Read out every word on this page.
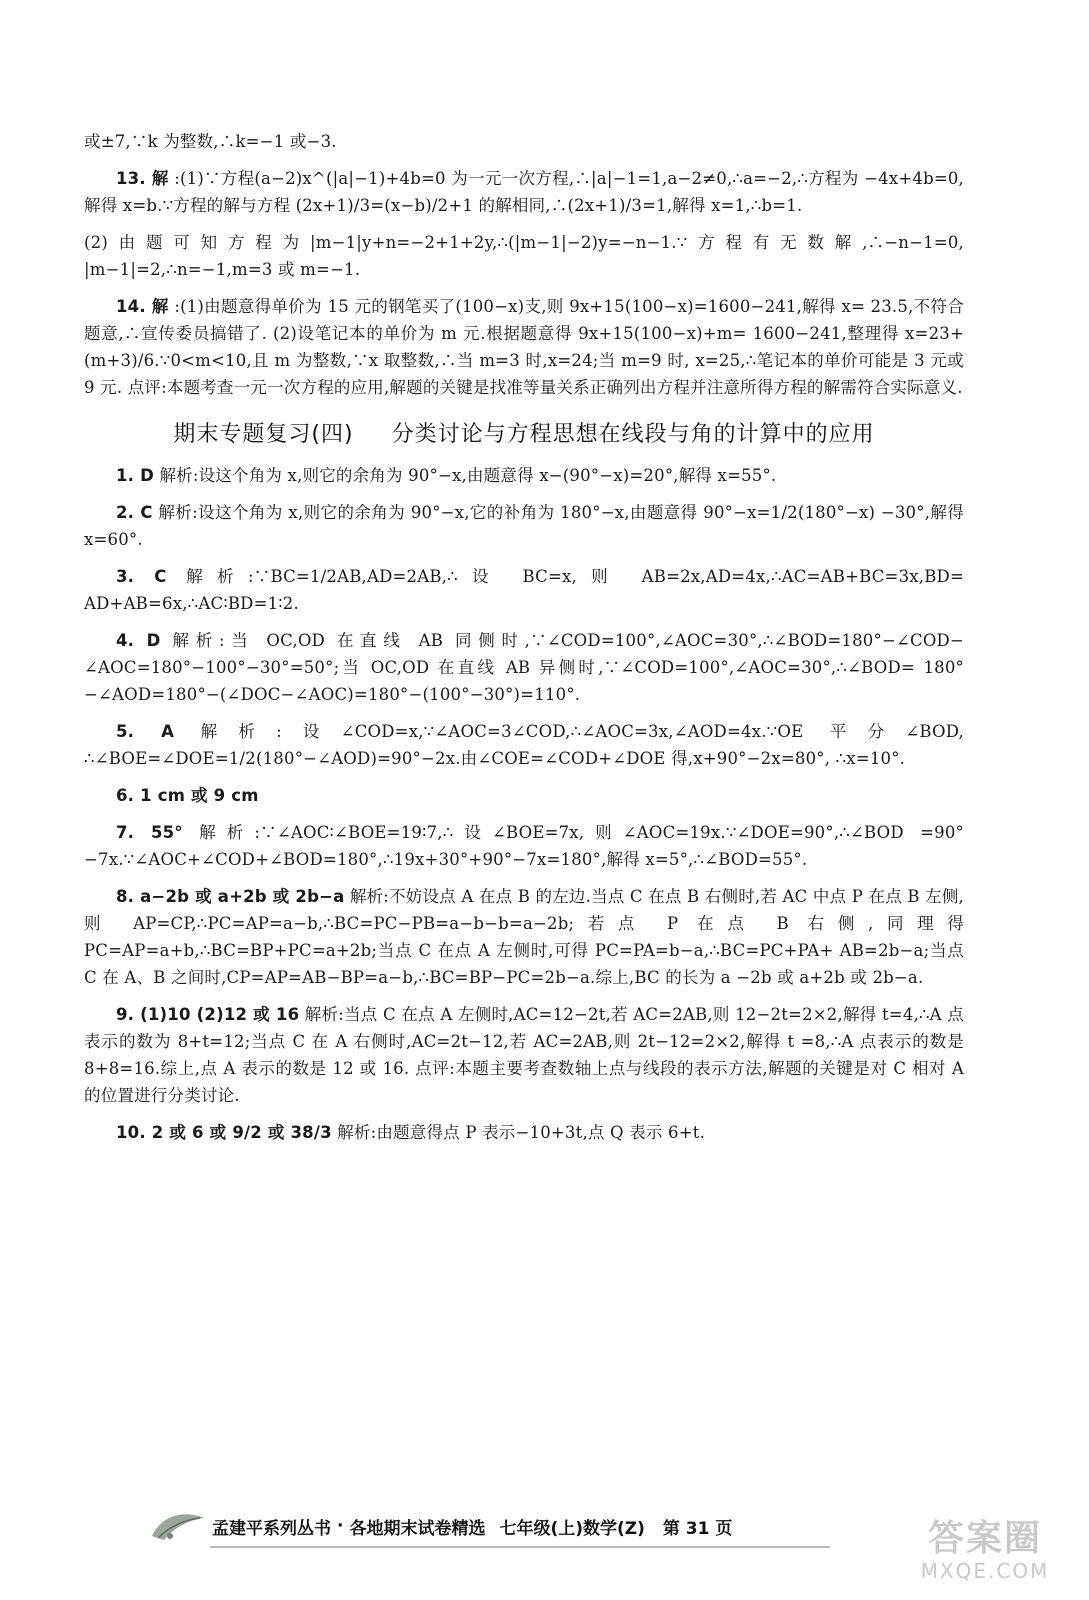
或±7,∵k 为整数,∴k=−1 或−3.

13. 解 :(1)∵方程(a−2)x^(|a|−1)+4b=0 为一元一次方程,∴|a|−1=1,a−2≠0,∴a=−2,∴方程为 −4x+4b=0,解得 x=b.∵方程的解与方程 (2x+1)/3=(x−b)/2+1 的解相同,∴(2x+1)/3=1,解得 x=1,∴b=1.

(2)由题可知方程为|m−1|y+n=−2+1+2y,∴(|m−1|−2)y=−n−1.∵方程有无数解,∴−n−1=0, |m−1|=2,∴n=−1,m=3 或 m=−1.

14. 解 :(1)由题意得单价为 15 元的钢笔买了(100−x)支,则 9x+15(100−x)=1600−241,解得 x= 23.5,不符合题意,∴宣传委员搞错了. (2)设笔记本的单价为 m 元.根据题意得 9x+15(100−x)+m= 1600−241,整理得 x=23+(m+3)/6.∵0<m<10,且 m 为整数,∵x 取整数,∴当 m=3 时,x=24;当 m=9 时, x=25,∴笔记本的单价可能是 3 元或 9 元. 点评:本题考查一元一次方程的应用,解题的关键是找准等量关系正确列出方程并注意所得方程的解需符合实际意义.

期末专题复习(四) 分类讨论与方程思想在线段与角的计算中的应用

1. D 解析:设这个角为 x,则它的余角为 90°−x,由题意得 x−(90°−x)=20°,解得 x=55°.

2. C 解析:设这个角为 x,则它的余角为 90°−x,它的补角为 180°−x,由题意得 90°−x=1/2(180°−x) −30°,解得 x=60°.

3. C 解析:∵BC=1/2AB,AD=2AB,∴设 BC=x,则 AB=2x,AD=4x,∴AC=AB+BC=3x,BD= AD+AB=6x,∴AC∶BD=1∶2.

4. D 解析:当 OC,OD 在直线 AB 同侧时,∵∠COD=100°,∠AOC=30°,∴∠BOD=180°−∠COD− ∠AOC=180°−100°−30°=50°;当 OC,OD 在直线 AB 异侧时,∵∠COD=100°,∠AOC=30°,∴∠BOD= 180°−∠AOD=180°−(∠DOC−∠AOC)=180°−(100°−30°)=110°.

5. A 解析:设∠COD=x,∵∠AOC=3∠COD,∴∠AOC=3x,∠AOD=4x.∵OE 平分∠BOD, ∴∠BOE=∠DOE=1/2(180°−∠AOD)=90°−2x.由∠COE=∠COD+∠DOE 得,x+90°−2x=80°, ∴x=10°.

6. 1 cm 或 9 cm

7. 55° 解析:∵∠AOC∶∠BOE=19∶7,∴设∠BOE=7x,则∠AOC=19x.∵∠DOE=90°,∴∠BOD =90°−7x.∵∠AOC+∠COD+∠BOD=180°,∴19x+30°+90°−7x=180°,解得 x=5°,∴∠BOD=55°.

8. a−2b 或 a+2b 或 2b−a 解析:不妨设点 A 在点 B 的左边.当点 C 在点 B 右侧时,若 AC 中点 P 在点 B 左侧,则 AP=CP,∴PC=AP=a−b,∴BC=PC−PB=a−b−b=a−2b;若点 P 在点 B 右侧,同理得 PC=AP=a+b,∴BC=BP+PC=a+2b;当点 C 在点 A 左侧时,可得 PC=PA=b−a,∴BC=PC+PA+ AB=2b−a;当点 C 在 A、B 之间时,CP=AP=AB−BP=a−b,∴BC=BP−PC=2b−a.综上,BC 的长为 a −2b 或 a+2b 或 2b−a.

9. (1)10 (2)12 或 16 解析:当点 C 在点 A 左侧时,AC=12−2t,若 AC=2AB,则 12−2t=2×2,解得 t=4,∴A 点表示的数为 8+t=12;当点 C 在 A 右侧时,AC=2t−12,若 AC=2AB,则 2t−12=2×2,解得 t =8,∴A 点表示的数是 8+8=16.综上,点 A 表示的数是 12 或 16. 点评:本题主要考查数轴上点与线段的表示方法,解题的关键是对 C 相对 A 的位置进行分类讨论.

10. 2 或 6 或 9/2 或 38/3 解析:由题意得点 P 表示−10+3t,点 Q 表示 6+t.

孟建平系列丛书 · 各地期末试卷精选 七年级(上)数学(Z) 第 31 页	答案圈
MXQE.COM
